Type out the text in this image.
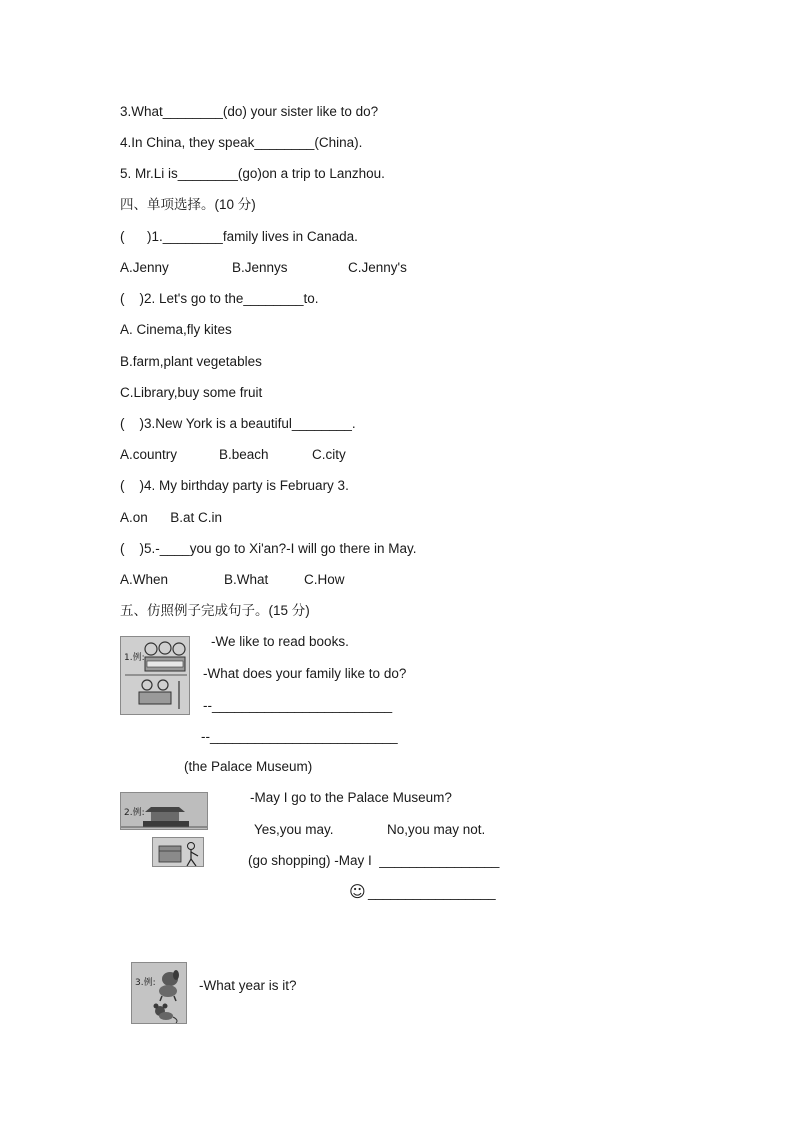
3.What________(do) your sister like to do?
4.In China, they speak________(China).
5. Mr.Li is________(go)on a trip to Lanzhou.
四、单项选择。(10 分)
(      )1.________family lives in Canada.
A.Jenny	B.Jennys	C.Jenny's
(    )2. Let's go to the________to.
A. Cinema,fly kites
B.farm,plant vegetables
C.Library,buy some fruit
(    )3.New York is a beautiful________.
A.country	B.beach	C.city
(    )4. My birthday party is February 3.
A.on      B.at C.in
(    )5.-____you go to Xi'an?-I will go there in May.
A.When	B.What	C.How
五、仿照例子完成句子。(15 分)
1.例:
-We like to read books.
-What does your family like to do?
--________________________
--_________________________
(the Palace Museum)
2.例:
-May I go to the Palace Museum?
Yes,you may.	No,you may not.
(go shopping) -May I  ________________
☺ _________________
3.例:	-What year is it?
